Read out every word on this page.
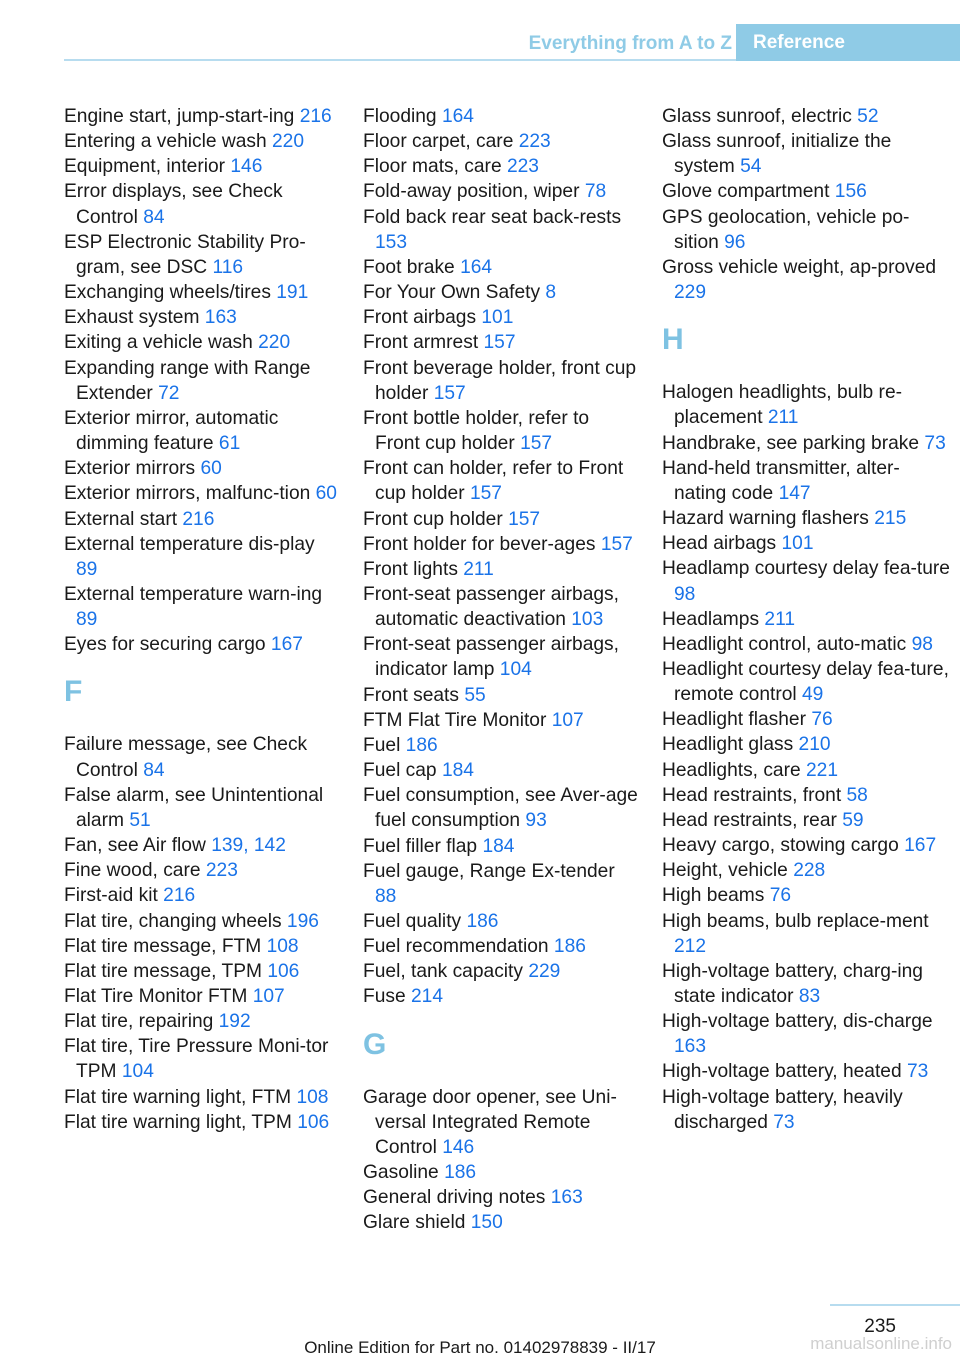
Everything from A to Z	Reference
Engine start, jump-start-ing 216
Entering a vehicle wash 220
Equipment, interior 146
Error displays, see Check Control 84
ESP Electronic Stability Pro-gram, see DSC 116
Exchanging wheels/tires 191
Exhaust system 163
Exiting a vehicle wash 220
Expanding range with Range Extender 72
Exterior mirror, automatic dimming feature 61
Exterior mirrors 60
Exterior mirrors, malfunc-tion 60
External start 216
External temperature dis-play 89
External temperature warn-ing 89
Eyes for securing cargo 167
F
Failure message, see Check Control 84
False alarm, see Unintentional alarm 51
Fan, see Air flow 139, 142
Fine wood, care 223
First-aid kit 216
Flat tire, changing wheels 196
Flat tire message, FTM 108
Flat tire message, TPM 106
Flat Tire Monitor FTM 107
Flat tire, repairing 192
Flat tire, Tire Pressure Moni-tor TPM 104
Flat tire warning light, FTM 108
Flat tire warning light, TPM 106
Flooding 164
Floor carpet, care 223
Floor mats, care 223
Fold-away position, wiper 78
Fold back rear seat back-rests 153
Foot brake 164
For Your Own Safety 8
Front airbags 101
Front armrest 157
Front beverage holder, front cup holder 157
Front bottle holder, refer to Front cup holder 157
Front can holder, refer to Front cup holder 157
Front cup holder 157
Front holder for bever-ages 157
Front lights 211
Front-seat passenger airbags, automatic deactivation 103
Front-seat passenger airbags, indicator lamp 104
Front seats 55
FTM Flat Tire Monitor 107
Fuel 186
Fuel cap 184
Fuel consumption, see Aver-age fuel consumption 93
Fuel filler flap 184
Fuel gauge, Range Ex-tender 88
Fuel quality 186
Fuel recommendation 186
Fuel, tank capacity 229
Fuse 214
G
Garage door opener, see Uni-versal Integrated Remote Control 146
Gasoline 186
General driving notes 163
Glare shield 150
Glass sunroof, electric 52
Glass sunroof, initialize the system 54
Glove compartment 156
GPS geolocation, vehicle po-sition 96
Gross vehicle weight, ap-proved 229
H
Halogen headlights, bulb re-placement 211
Handbrake, see parking brake 73
Hand-held transmitter, alter-nating code 147
Hazard warning flashers 215
Head airbags 101
Headlamp courtesy delay fea-ture 98
Headlamps 211
Headlight control, auto-matic 98
Headlight courtesy delay fea-ture, remote control 49
Headlight flasher 76
Headlight glass 210
Headlights, care 221
Head restraints, front 58
Head restraints, rear 59
Heavy cargo, stowing cargo 167
Height, vehicle 228
High beams 76
High beams, bulb replace-ment 212
High-voltage battery, charg-ing state indicator 83
High-voltage battery, dis-charge 163
High-voltage battery, heated 73
High-voltage battery, heavily discharged 73
235
Online Edition for Part no. 01402978839 - II/17	manualsonline.info
